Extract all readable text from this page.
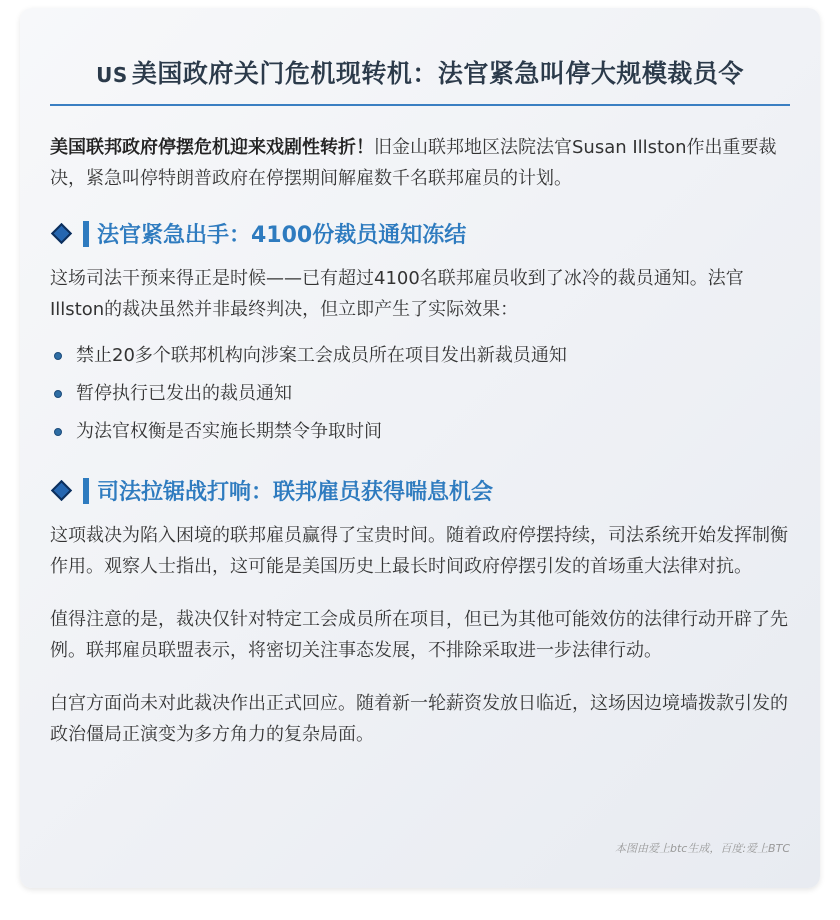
US 美国政府关门危机现转机：法官紧急叫停大规模裁员令

美国联邦政府停摆危机迎来戏剧性转折！旧金山联邦地区法院法官Susan Illston作出重要裁决，紧急叫停特朗普政府在停摆期间解雇数千名联邦雇员的计划。

法官紧急出手：4100份裁员通知冻结

这场司法干预来得正是时候——已有超过4100名联邦雇员收到了冰冷的裁员通知。法官Illston的裁决虽然并非最终判决，但立即产生了实际效果：

禁止20多个联邦机构向涉案工会成员所在项目发出新裁员通知
暂停执行已发出的裁员通知
为法官权衡是否实施长期禁令争取时间
司法拉锯战打响：联邦雇员获得喘息机会

这项裁决为陷入困境的联邦雇员赢得了宝贵时间。随着政府停摆持续，司法系统开始发挥制衡作用。观察人士指出，这可能是美国历史上最长时间政府停摆引发的首场重大法律对抗。

值得注意的是，裁决仅针对特定工会成员所在项目，但已为其他可能效仿的法律行动开辟了先例。联邦雇员联盟表示，将密切关注事态发展，不排除采取进一步法律行动。

白宫方面尚未对此裁决作出正式回应。随着新一轮薪资发放日临近，这场因边境墙拨款引发的政治僵局正演变为多方角力的复杂局面。

本图由爱上btc生成，百度:爱上BTC
